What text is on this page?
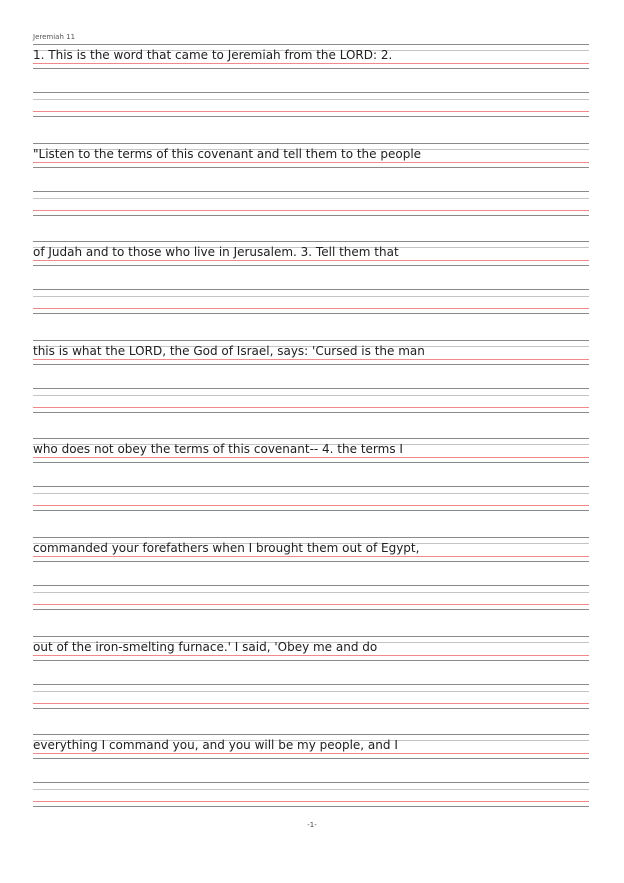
Jeremiah 11
1. This is the word that came to Jeremiah from the LORD: 2.
"Listen to the terms of this covenant and tell them to the people
of Judah and to those who live in Jerusalem. 3. Tell them that
this is what the LORD, the God of Israel, says: 'Cursed is the man
who does not obey the terms of this covenant-- 4. the terms I
commanded your forefathers when I brought them out of Egypt,
out of the iron-smelting furnace.' I said, 'Obey me and do
everything I command you, and you will be my people, and I
-1-
